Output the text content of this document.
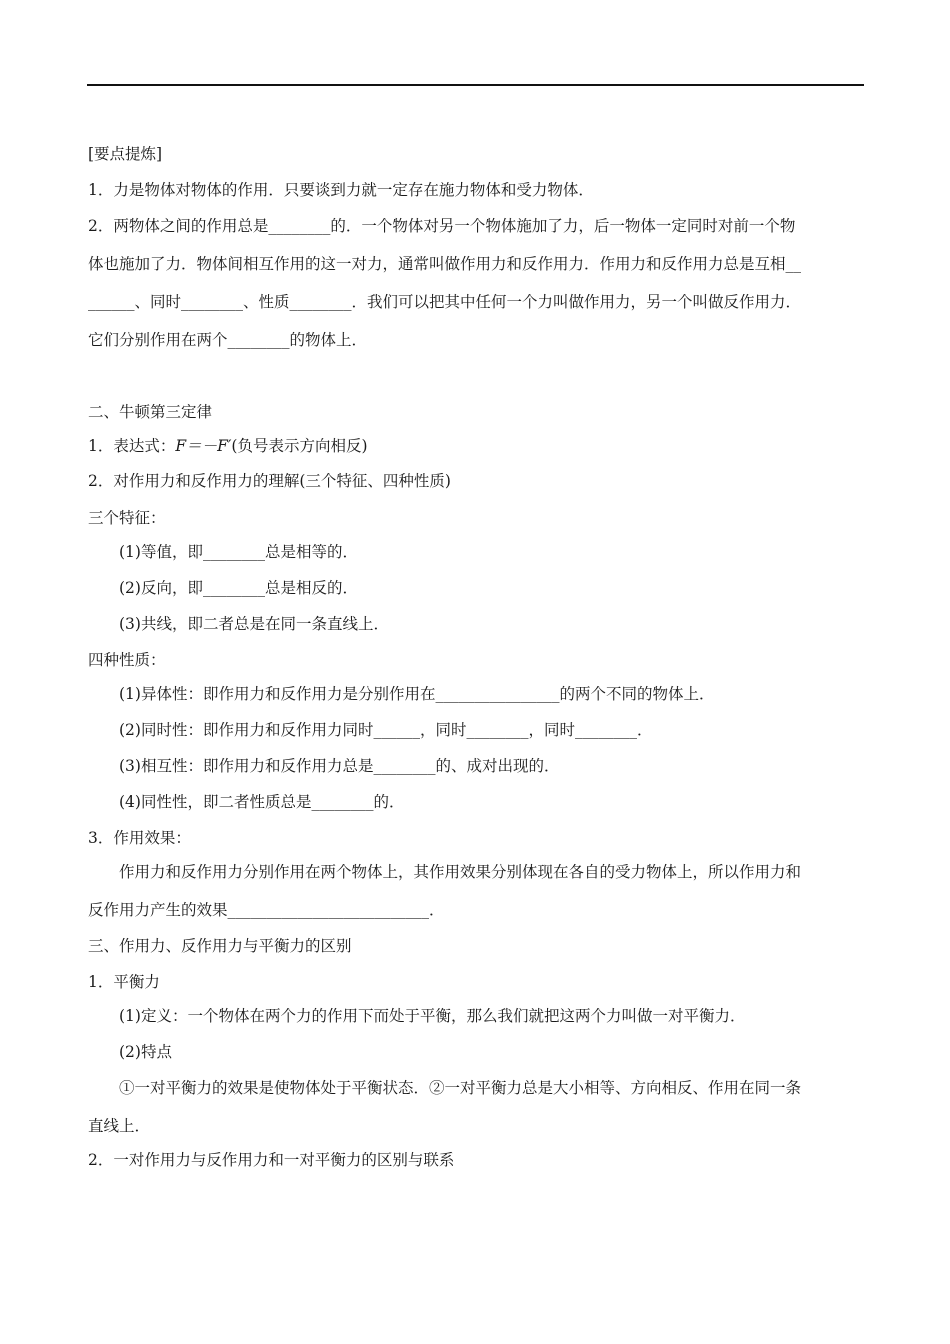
[要点提炼]
1．力是物体对物体的作用．只要谈到力就一定存在施力物体和受力物体．
2．两物体之间的作用总是________的．一个物体对另一个物体施加了力，后一物体一定同时对前一个物
体也施加了力．物体间相互作用的这一对力，通常叫做作用力和反作用力．作用力和反作用力总是互相__
______、同时________、性质________．我们可以把其中任何一个力叫做作用力，另一个叫做反作用力．
它们分别作用在两个________的物体上．
二、牛顿第三定律
1．表达式：F＝－F′(负号表示方向相反)
2．对作用力和反作用力的理解(三个特征、四种性质)
三个特征：
(1)等值，即________总是相等的．
(2)反向，即________总是相反的．
(3)共线，即二者总是在同一条直线上．
四种性质：
(1)异体性：即作用力和反作用力是分别作用在________________的两个不同的物体上．
(2)同时性：即作用力和反作用力同时______，同时________，同时________．
(3)相互性：即作用力和反作用力总是________的、成对出现的．
(4)同性性，即二者性质总是________的．
3．作用效果：
作用力和反作用力分别作用在两个物体上，其作用效果分别体现在各自的受力物体上，所以作用力和
反作用力产生的效果__________________________．
三、作用力、反作用力与平衡力的区别
1．平衡力
(1)定义：一个物体在两个力的作用下而处于平衡，那么我们就把这两个力叫做一对平衡力．
(2)特点
①一对平衡力的效果是使物体处于平衡状态．②一对平衡力总是大小相等、方向相反、作用在同一条
直线上．
2．一对作用力与反作用力和一对平衡力的区别与联系
